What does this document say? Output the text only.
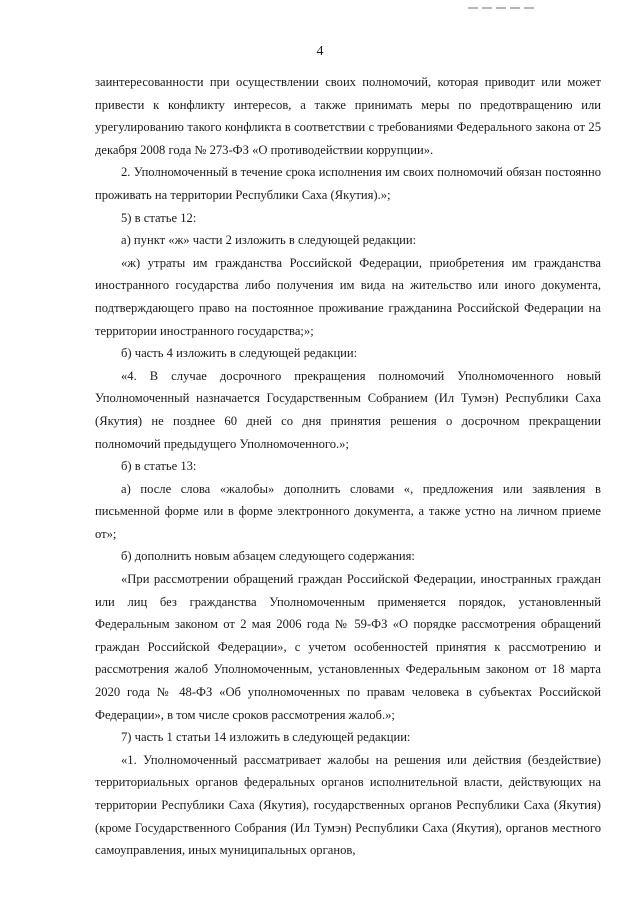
4

заинтересованности при осуществлении своих полномочий, которая приводит или может привести к конфликту интересов, а также принимать меры по предотвращению или урегулированию такого конфликта в соответствии с требованиями Федерального закона от 25 декабря 2008 года № 273-ФЗ «О противодействии коррупции».

2. Уполномоченный в течение срока исполнения им своих полномочий обязан постоянно проживать на территории Республики Саха (Якутия).»;

5) в статье 12:

а) пункт «ж» части 2 изложить в следующей редакции:

«ж) утраты им гражданства Российской Федерации, приобретения им гражданства иностранного государства либо получения им вида на жительство или иного документа, подтверждающего право на постоянное проживание гражданина Российской Федерации на территории иностранного государства;»;

б) часть 4 изложить в следующей редакции:

«4. В случае досрочного прекращения полномочий Уполномоченного новый Уполномоченный назначается Государственным Собранием (Ил Тумэн) Республики Саха (Якутия) не позднее 60 дней со дня принятия решения о досрочном прекращении полномочий предыдущего Уполномоченного.»;

б) в статье 13:

а) после слова «жалобы» дополнить словами «, предложения или заявления в письменной форме или в форме электронного документа, а также устно на личном приеме от»;

б) дополнить новым абзацем следующего содержания:

«При рассмотрении обращений граждан Российской Федерации, иностранных граждан или лиц без гражданства Уполномоченным применяется порядок, установленный Федеральным законом от 2 мая 2006 года № 59-ФЗ «О порядке рассмотрения обращений граждан Российской Федерации», с учетом особенностей принятия к рассмотрению и рассмотрения жалоб Уполномоченным, установленных Федеральным законом от 18 марта 2020 года № 48-ФЗ «Об уполномоченных по правам человека в субъектах Российской Федерации», в том числе сроков рассмотрения жалоб.»;

7) часть 1 статьи 14 изложить в следующей редакции:

«1. Уполномоченный рассматривает жалобы на решения или действия (бездействие) территориальных органов федеральных органов исполнительной власти, действующих на территории Республики Саха (Якутия), государственных органов Республики Саха (Якутия) (кроме Государственного Собрания (Ил Тумэн) Республики Саха (Якутия), органов местного самоуправления, иных муниципальных органов,
